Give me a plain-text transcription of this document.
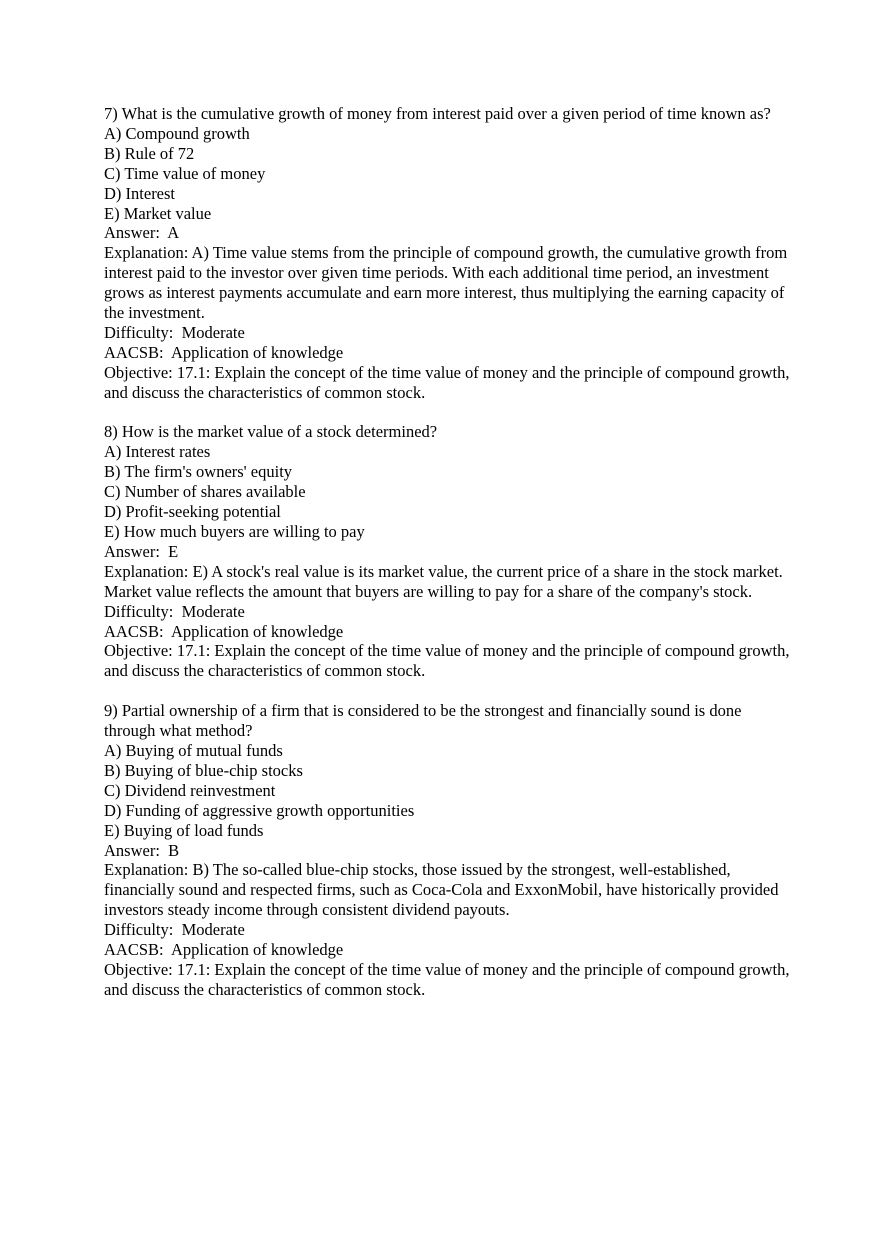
7) What is the cumulative growth of money from interest paid over a given period of time known as?
A) Compound growth
B) Rule of 72
C) Time value of money
D) Interest
E) Market value
Answer:  A
Explanation: A) Time value stems from the principle of compound growth, the cumulative growth from interest paid to the investor over given time periods. With each additional time period, an investment grows as interest payments accumulate and earn more interest, thus multiplying the earning capacity of the investment.
Difficulty:  Moderate
AACSB:  Application of knowledge
Objective: 17.1: Explain the concept of the time value of money and the principle of compound growth, and discuss the characteristics of common stock.
8) How is the market value of a stock determined?
A) Interest rates
B) The firm's owners' equity
C) Number of shares available
D) Profit-seeking potential
E) How much buyers are willing to pay
Answer:  E
Explanation: E) A stock's real value is its market value, the current price of a share in the stock market. Market value reflects the amount that buyers are willing to pay for a share of the company's stock.
Difficulty:  Moderate
AACSB:  Application of knowledge
Objective: 17.1: Explain the concept of the time value of money and the principle of compound growth, and discuss the characteristics of common stock.
9) Partial ownership of a firm that is considered to be the strongest and financially sound is done through what method?
A) Buying of mutual funds
B) Buying of blue-chip stocks
C) Dividend reinvestment
D) Funding of aggressive growth opportunities
E) Buying of load funds
Answer:  B
Explanation: B) The so-called blue-chip stocks, those issued by the strongest, well-established, financially sound and respected firms, such as Coca-Cola and ExxonMobil, have historically provided investors steady income through consistent dividend payouts.
Difficulty:  Moderate
AACSB:  Application of knowledge
Objective: 17.1: Explain the concept of the time value of money and the principle of compound growth, and discuss the characteristics of common stock.
